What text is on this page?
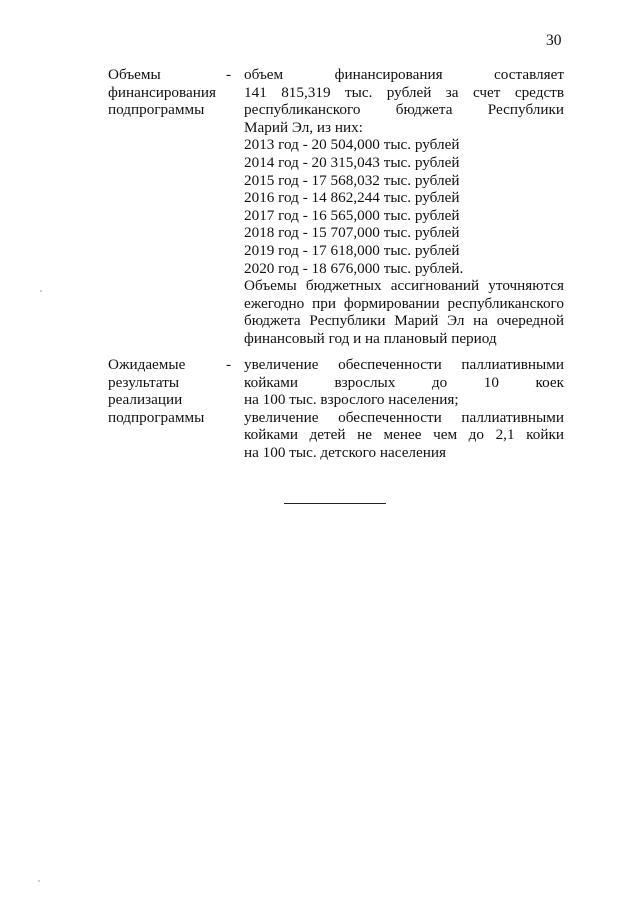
30
Объемы
финансирования
подпрограммы
- объем финансирования составляет
141 815,319 тыс. рублей за счет средств
республиканского бюджета Республики
Марий Эл, из них:
2013 год - 20 504,000 тыс. рублей
2014 год - 20 315,043 тыс. рублей
2015 год - 17 568,032 тыс. рублей
2016 год - 14 862,244 тыс. рублей
2017 год - 16 565,000 тыс. рублей
2018 год - 15 707,000 тыс. рублей
2019 год - 17 618,000 тыс. рублей
2020 год - 18 676,000 тыс. рублей.
Объемы бюджетных ассигнований уточняются
ежегодно при формировании республиканского
бюджета Республики Марий Эл на очередной
финансовый год и на плановый период
Ожидаемые
результаты
реализации
подпрограммы
- увеличение обеспеченности паллиативными
койками взрослых до 10 коек
на 100 тыс. взрослого населения;
увеличение обеспеченности паллиативными
койками детей не менее чем до 2,1 койки
на 100 тыс. детского населения
